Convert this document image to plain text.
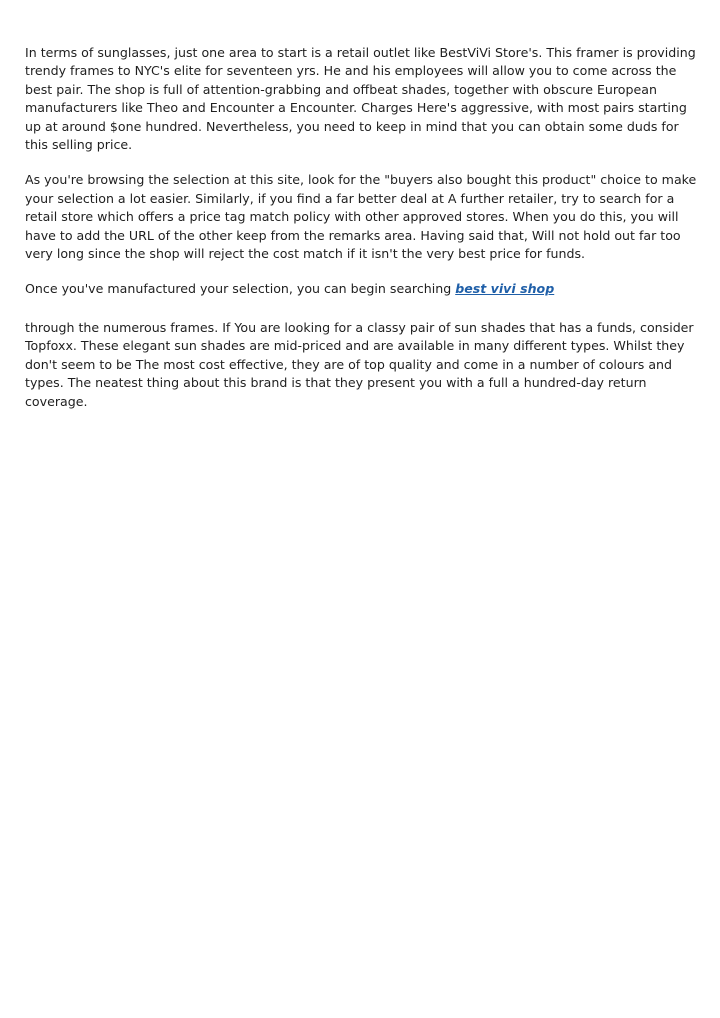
In terms of sunglasses, just one area to start is a retail outlet like BestViVi Store's. This framer is providing trendy frames to NYC's elite for seventeen yrs. He and his employees will allow you to come across the best pair. The shop is full of attention-grabbing and offbeat shades, together with obscure European manufacturers like Theo and Encounter a Encounter. Charges Here's aggressive, with most pairs starting up at around $one hundred. Nevertheless, you need to keep in mind that you can obtain some duds for this selling price.

As you're browsing the selection at this site, look for the "buyers also bought this product" choice to make your selection a lot easier. Similarly, if you find a far better deal at A further retailer, try to search for a retail store which offers a price tag match policy with other approved stores. When you do this, you will have to add the URL of the other keep from the remarks area. Having said that, Will not hold out far too very long since the shop will reject the cost match if it isn't the very best price for funds.

Once you've manufactured your selection, you can begin searching best vivi shop

through the numerous frames. If You are looking for a classy pair of sun shades that has a funds, consider Topfoxx. These elegant sun shades are mid-priced and are available in many different types. Whilst they don't seem to be The most cost effective, they are of top quality and come in a number of colours and types. The neatest thing about this brand is that they present you with a full a hundred-day return coverage.
